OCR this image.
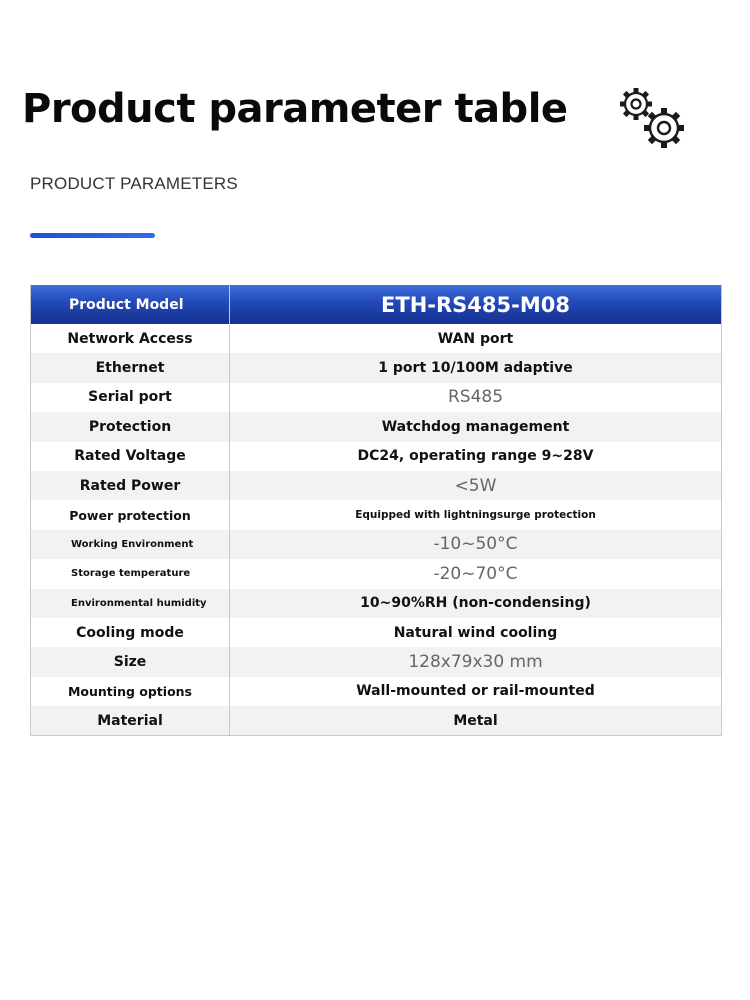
Product parameter table
PRODUCT PARAMETERS
Product Model	ETH-RS485-M08
Network Access	WAN port
Ethernet	1 port 10/100M adaptive
Serial port	RS485
Protection	Watchdog management
Rated Voltage	DC24, operating range 9~28V
Rated Power	<5W
Power protection	Equipped with lightningsurge protection
Working Environment	-10~50°C
Storage temperature	-20~70°C
Environmental humidity	10~90%RH (non-condensing)
Cooling mode	Natural wind cooling
Size	128x79x30 mm
Mounting options	Wall-mounted or rail-mounted
Material	Metal
